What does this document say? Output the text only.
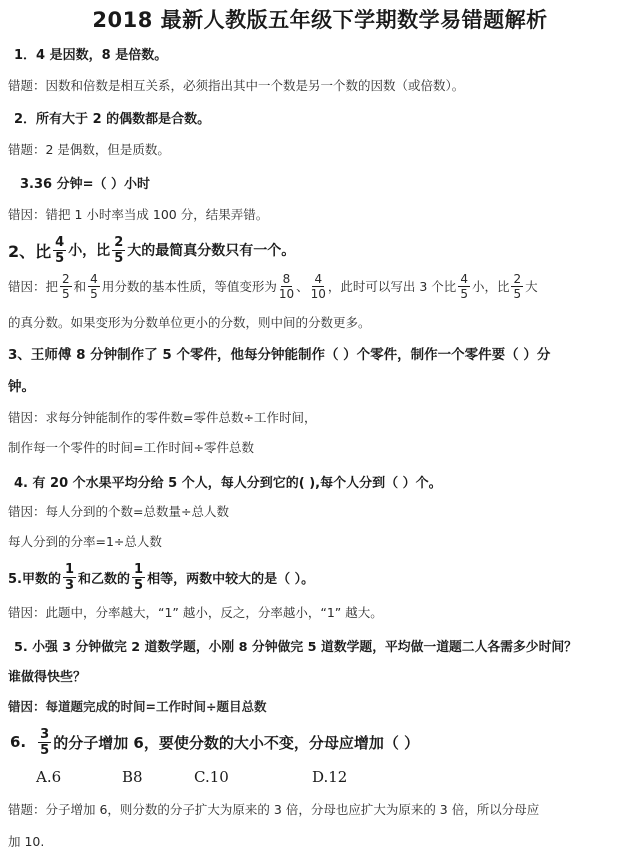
2018 最新人教版五年级下学期数学易错题解析
1．4 是因数，8 是倍数。
错题：因数和倍数是相互关系，必须指出其中一个数是另一个数的因数（或倍数）。
2．所有大于 2 的偶数都是合数。
错题：2 是偶数，但是质数。
3.36 分钟=（ ）小时
错因：错把 1 小时率当成 100 分，结果弄错。
2、比 $\frac{4}{5}$ 小，比 $\frac{2}{5}$ 大的最简真分数只有一个。
错因：把 $\frac{2}{5}$ 和 $\frac{4}{5}$ 用分数的基本性质，等值变形为 $\frac{8}{10}$ 、 $\frac{4}{10}$ ，此时可以写出 3 个比 $\frac{4}{5}$ 小，比 $\frac{2}{5}$ 大
的真分数。如果变形为分数单位更小的分数，则中间的分数更多。
3、王师傅 8 分钟制作了 5 个零件，他每分钟能制作（ ）个零件，制作一个零件要（ ）分
钟。
错因：求每分钟能制作的零件数=零件总数÷工作时间，
制作每一个零件的时间=工作时间÷零件总数
4. 有 20 个水果平均分给 5 个人，每人分到它的( ),每个人分到（ ）个。
错因：每人分到的个数=总数量÷总人数
每人分到的分率=1÷总人数
5.甲数的 $\frac{1}{3}$ 和乙数的 $\frac{1}{5}$ 相等，两数中较大的是（ ）。
错因：此题中，分率越大，“1” 越小，反之，分率越小，“1” 越大。
5. 小强 3 分钟做完 2 道数学题，小刚 8 分钟做完 5 道数学题，平均做一道题二人各需多少时间？
谁做得快些？
错因：每道题完成的时间=工作时间÷题目总数
6. $\frac{3}{5}$ 的分子增加 6，要使分数的大小不变，分母应增加（ ）
A.6	B8	C.10	D.12
错题：分子增加 6，则分数的分子扩大为原来的 3 倍，分母也应扩大为原来的 3 倍，所以分母应
加 10.
